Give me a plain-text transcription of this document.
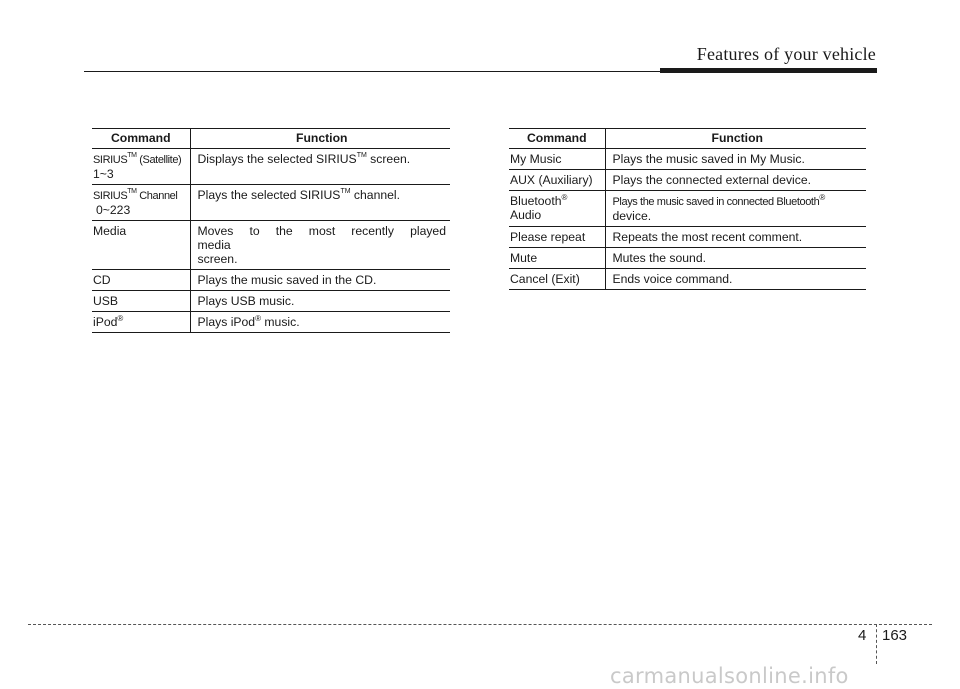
Features of your vehicle
Command	Function
SIRIUS™ (Satellite)
1~3	Displays the selected SIRIUS™ screen.

SIRIUS™ Channel
0~223	Plays the selected SIRIUS™ channel.

Media	Moves to the most recently played media
screen.

CD	Plays the music saved in the CD.
USB	Plays USB music.
iPod®	Plays iPod® music.
Command	Function
My Music	Plays the music saved in My Music.
AUX (Auxiliary)	Plays the connected external device.
Bluetooth® Audio	Plays the music saved in connected Bluetooth®
device.

Please repeat	Repeats the most recent comment.
Mute	Mutes the sound.
Cancel (Exit)	Ends voice command.
4 163
carmanualsonline.info
